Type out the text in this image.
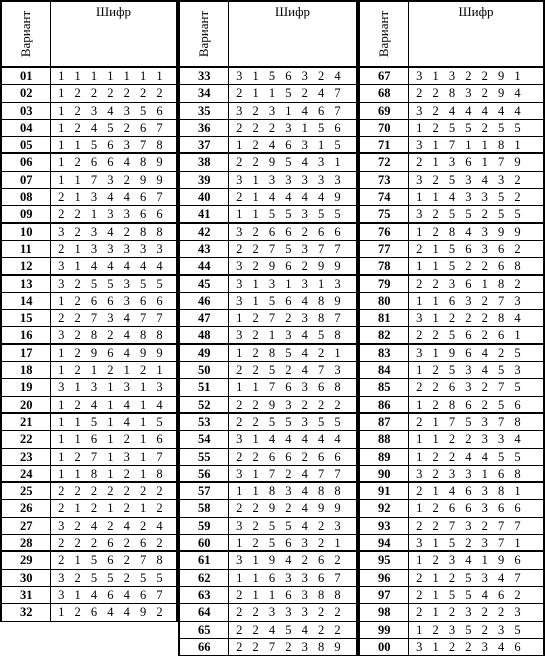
Вариант	Шифр
01	1 1 1 1 1 1 1
02	1 2 2 2 2 2 2
03	1 2 3 4 3 5 6
04	1 2 4 5 2 6 7
05	1 1 5 6 3 7 8
06	1 2 6 6 4 8 9
07	1 1 7 3 2 9 9
08	2 1 3 4 4 6 7
09	2 2 1 3 3 6 6
10	3 2 3 4 2 8 8
11	2 1 3 3 3 3 3
12	3 1 4 4 4 4 4
13	3 2 5 5 3 5 5
14	1 2 6 6 3 6 6
15	2 2 7 3 4 7 7
16	3 2 8 2 4 8 8
17	1 2 9 6 4 9 9
18	1 2 1 2 1 2 1
19	3 1 3 1 3 1 3
20	1 2 4 1 4 1 4
21	1 1 5 1 4 1 5
22	1 1 6 1 2 1 6
23	1 2 7 1 3 1 7
24	1 1 8 1 2 1 8
25	2 2 2 2 2 2 2
26	2 1 2 1 2 1 2
27	3 2 4 2 4 2 4
28	2 2 2 6 2 6 2
29	2 1 5 6 2 7 8
30	3 2 5 5 2 5 5
31	3 1 4 6 4 6 7
32	1 2 6 4 4 9 2
Вариант	Шифр
33	3 1 5 6 3 2 4
34	2 1 1 5 2 4 7
35	3 2 3 1 4 6 7
36	2 2 2 3 1 5 6
37	1 2 4 6 3 1 5
38	2 2 9 5 4 3 1
39	3 1 3 3 3 3 3
40	2 1 4 4 4 4 9
41	1 1 5 5 3 5 5
42	3 2 6 6 2 6 6
43	2 2 7 5 3 7 7
44	3 2 9 6 2 9 9
45	3 1 3 1 3 1 3
46	3 1 5 6 4 8 9
47	1 2 7 2 3 8 7
48	3 2 1 3 4 5 8
49	1 2 8 5 4 2 1
50	2 2 5 2 4 7 3
51	1 1 7 6 3 6 8
52	2 2 9 3 2 2 2
53	2 2 5 5 3 5 5
54	3 1 4 4 4 4 4
55	2 2 6 6 2 6 6
56	3 1 7 2 4 7 7
57	1 1 8 3 4 8 8
58	2 2 9 2 4 9 9
59	3 2 5 5 4 2 3
60	1 2 5 6 3 2 1
61	3 1 9 4 2 6 2
62	1 1 6 3 3 6 7
63	2 1 1 6 3 8 8
64	2 2 3 3 3 2 2
65	2 2 4 5 4 2 2
66	2 2 7 2 3 8 9
Вариант	Шифр
67	3 1 3 2 2 9 1
68	2 2 8 3 2 9 4
69	3 2 4 4 4 4 4
70	1 2 5 5 2 5 5
71	3 1 7 1 1 8 1
72	2 1 3 6 1 7 9
73	3 2 5 3 4 3 2
74	1 1 4 3 3 5 2
75	3 2 5 5 2 5 5
76	1 2 8 4 3 9 9
77	2 1 5 6 3 6 2
78	1 1 5 2 2 6 8
79	2 2 3 6 1 8 2
80	1 1 6 3 2 7 3
81	3 1 2 2 2 8 4
82	2 2 5 6 2 6 1
83	3 1 9 6 4 2 5
84	1 2 5 3 4 5 3
85	2 2 6 3 2 7 5
86	1 2 8 6 2 5 6
87	2 1 7 5 3 7 8
88	1 1 2 2 3 3 4
89	1 2 2 4 4 5 5
90	3 2 3 3 1 6 8
91	2 1 4 6 3 8 1
92	1 2 6 6 3 6 6
93	2 2 7 3 2 7 7
94	3 1 5 2 3 7 1
95	1 2 3 4 1 9 6
96	2 1 2 5 3 4 7
97	2 1 5 5 4 6 2
98	2 1 2 3 2 2 3
99	1 2 3 5 2 3 5
00	3 1 2 2 3 4 6
